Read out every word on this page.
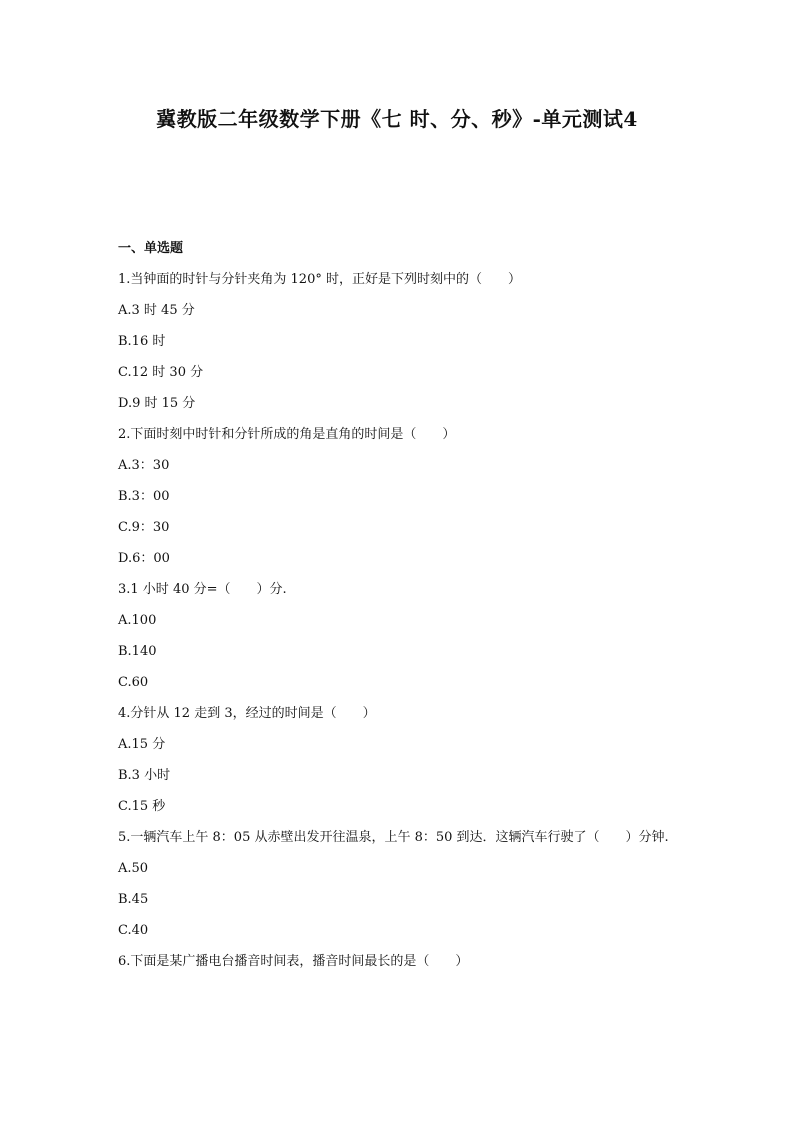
冀教版二年级数学下册《七 时、分、秒》-单元测试4
一、单选题
1.当钟面的时针与分针夹角为 120° 时，正好是下列时刻中的（　　）
A.3 时 45 分
B.16 时
C.12 时 30 分
D.9 时 15 分
2.下面时刻中时针和分针所成的角是直角的时间是（　　）
A.3：30
B.3：00
C.9：30
D.6：00
3.1 小时 40 分=（　　）分.
A.100
B.140
C.60
4.分针从 12 走到 3，经过的时间是（　　）
A.15 分
B.3 小时
C.15 秒
5.一辆汽车上午 8：05 从赤壁出发开往温泉，上午 8：50 到达．这辆汽车行驶了（　　）分钟.
A.50
B.45
C.40
6.下面是某广播电台播音时间表，播音时间最长的是（　　）
